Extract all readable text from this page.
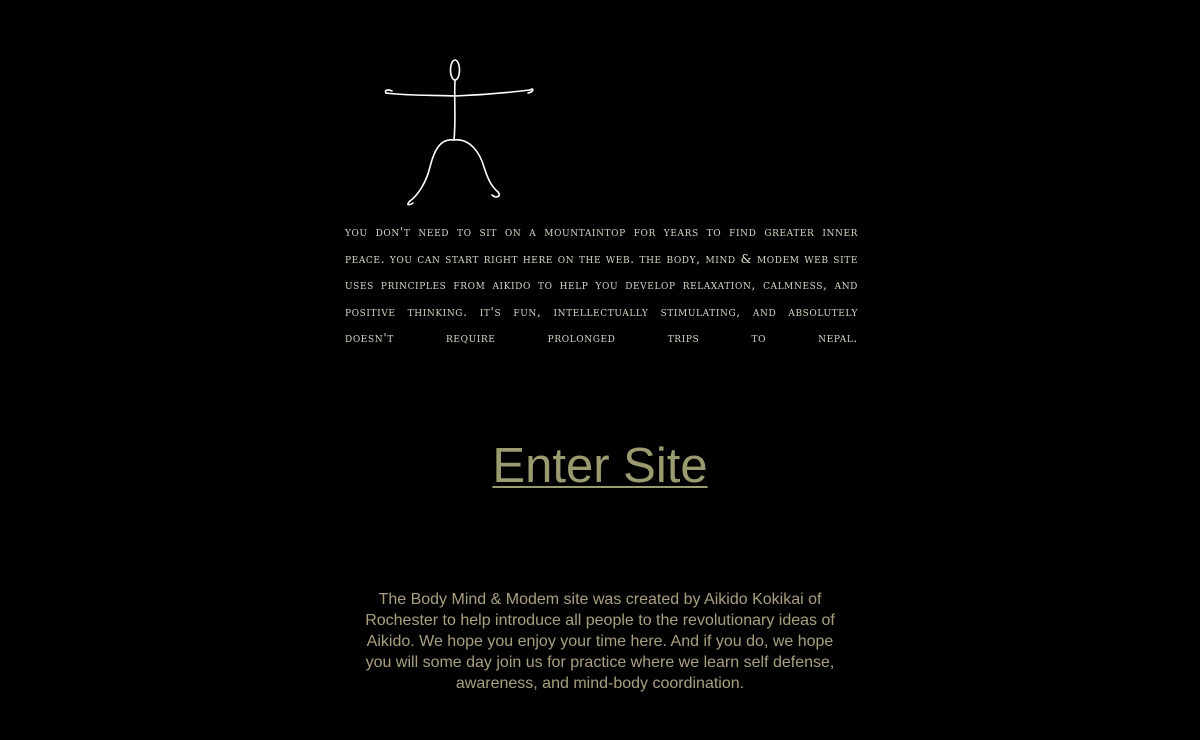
you don't need to sit on a mountaintop for years to find greater inner peace. you can start right here on the web. the body, mind & modem web site uses principles from aikido to help you develop relaxation, calmness, and positive thinking. it's fun, intellectually stimulating, and absolutely doesn't require prolonged trips to nepal.

Enter Site

The Body Mind & Modem site was created by Aikido Kokikai of Rochester to help introduce all people to the revolutionary ideas of Aikido. We hope you enjoy your time here. And if you do, we hope you will some day join us for practice where we learn self defense, awareness, and mind-body coordination.
